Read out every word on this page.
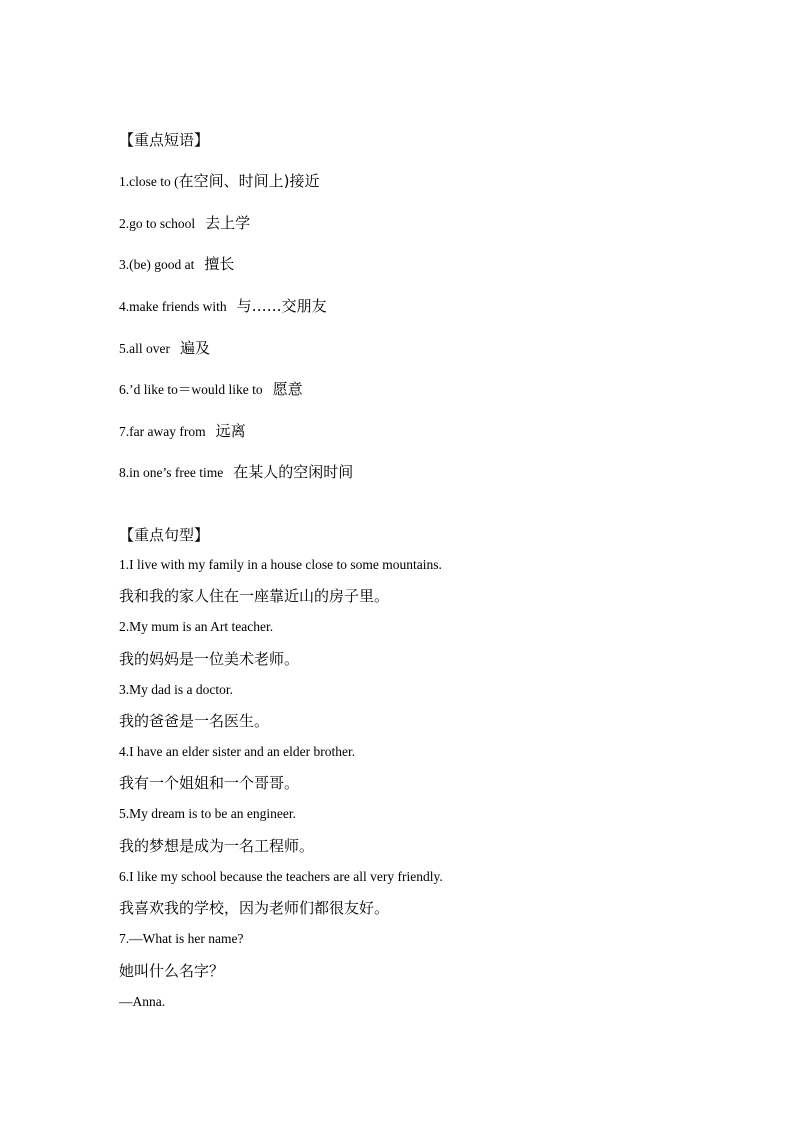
【重点短语】
1.close to (在空间、时间上)接近
2.go to school 去上学
3.(be) good at 擅长
4.make friends with 与……交朋友
5.all over 遍及
6.’d like to＝would like to 愿意
7.far away from 远离
8.in one’s free time 在某人的空闲时间
【重点句型】
1.I live with my family in a house close to some mountains.
我和我的家人住在一座靠近山的房子里。
2.My mum is an Art teacher.
我的妈妈是一位美术老师。
3.My dad is a doctor.
我的爸爸是一名医生。
4.I have an elder sister and an elder brother.
我有一个姐姐和一个哥哥。
5.My dream is to be an engineer.
我的梦想是成为一名工程师。
6.I like my school because the teachers are all very friendly.
我喜欢我的学校，因为老师们都很友好。
7.—What is her name?
她叫什么名字？
—Anna.
